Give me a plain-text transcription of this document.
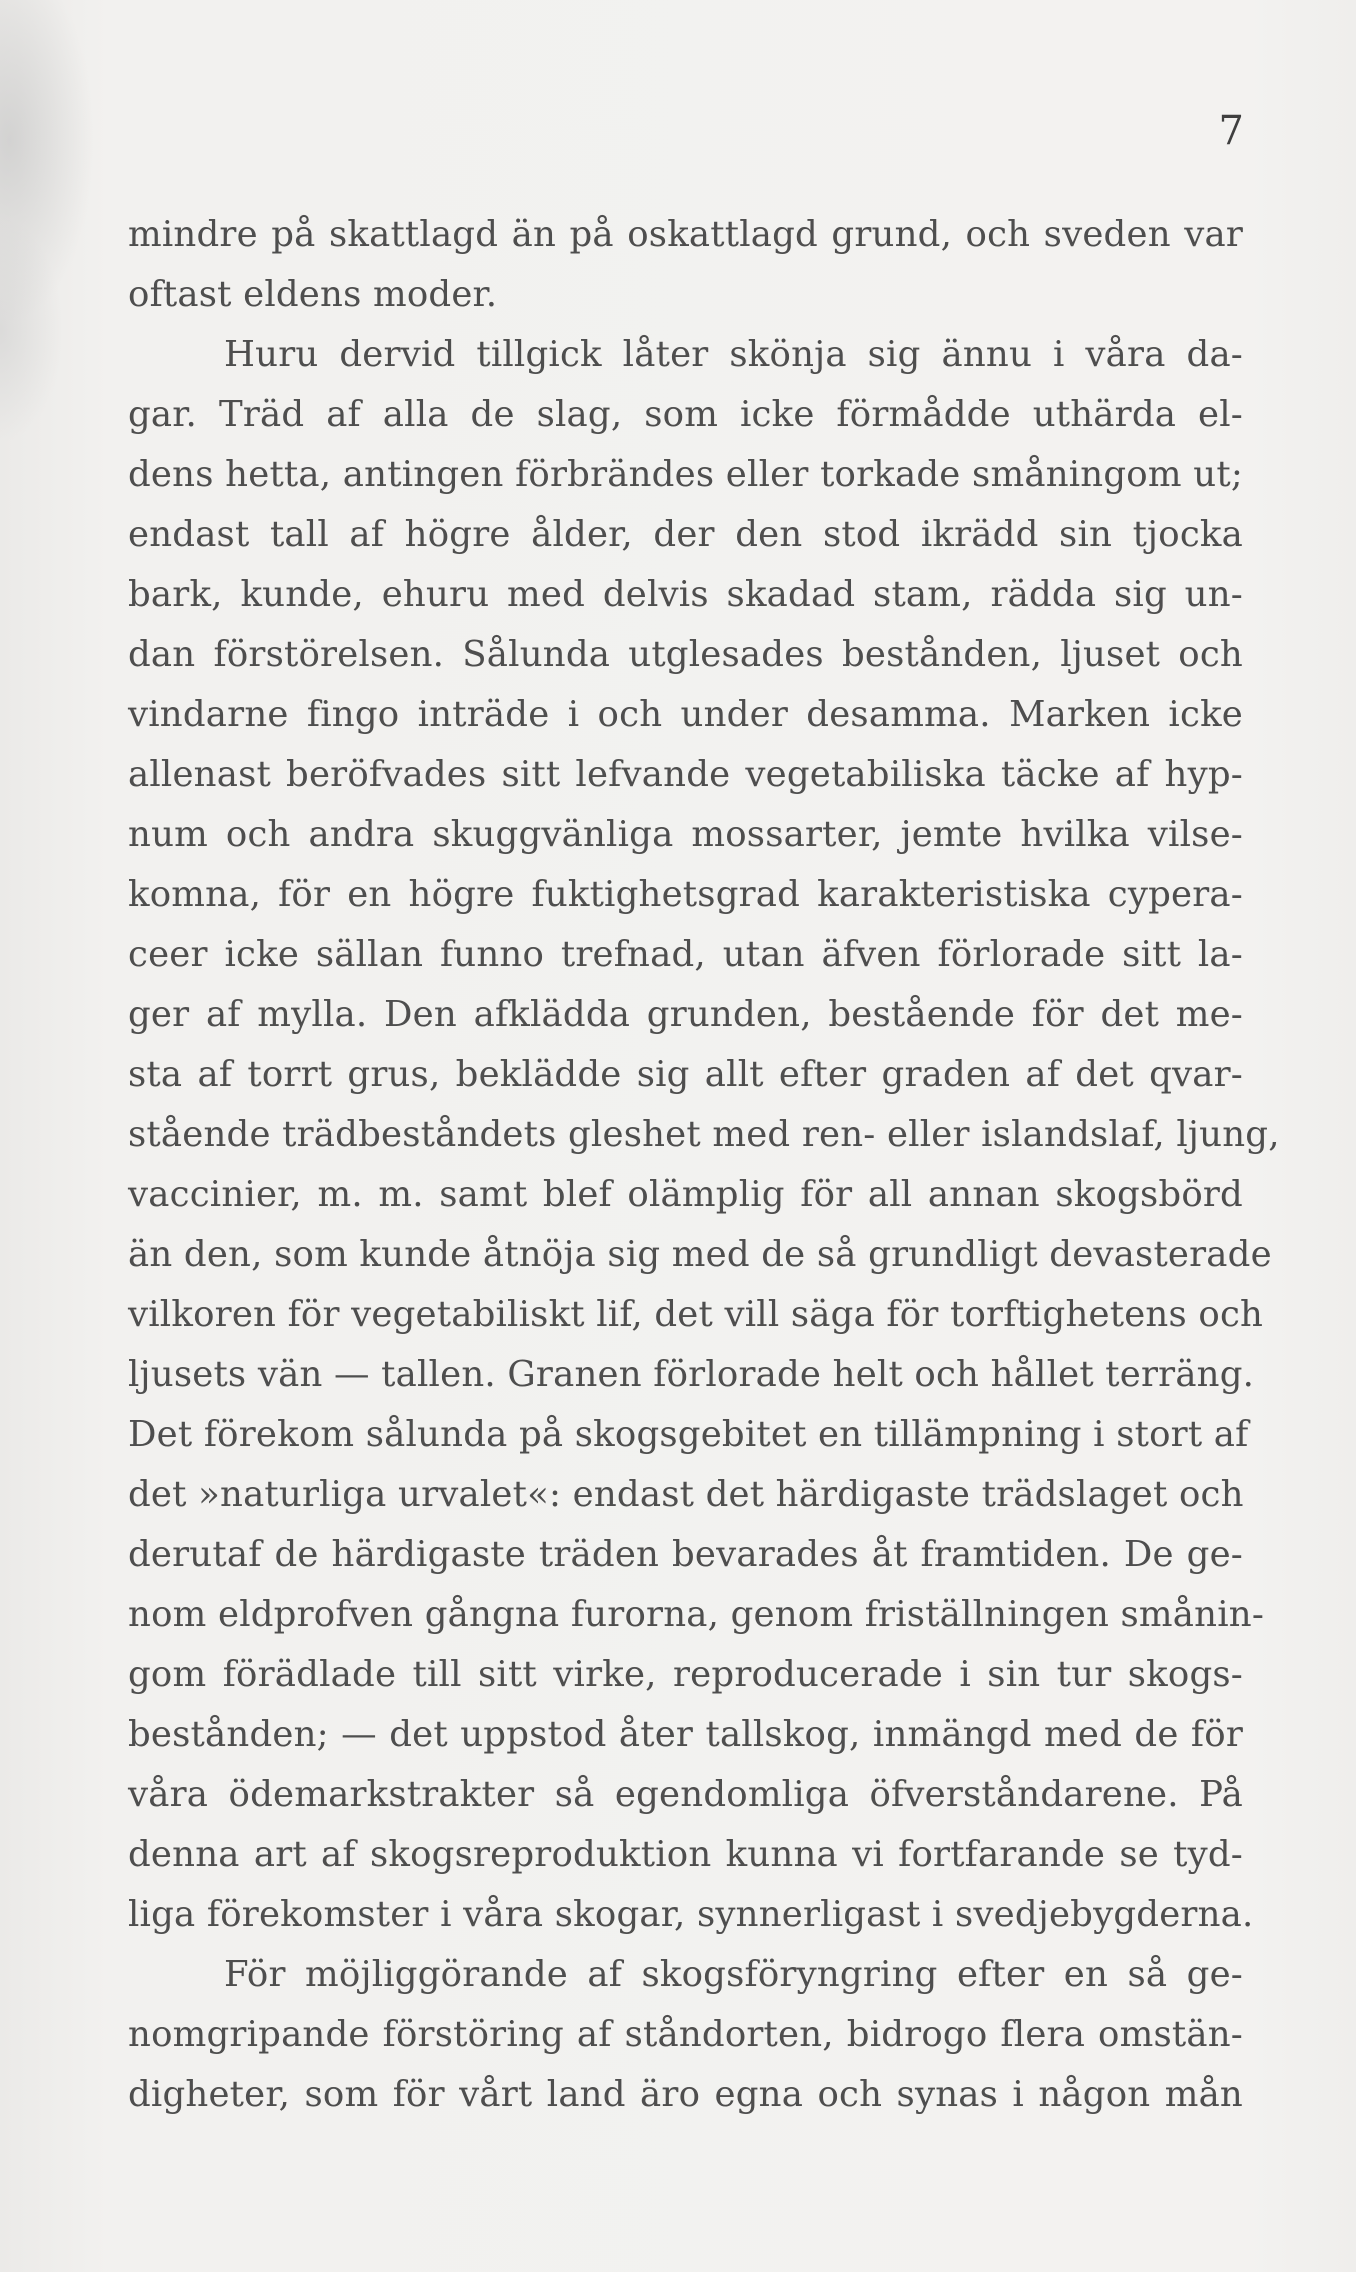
7
mindre på skattlagd än på oskattlagd grund, och sveden var
oftast eldens moder.
Huru dervid tillgick låter skönja sig ännu i våra da-
gar. Träd af alla de slag, som icke förmådde uthärda el-
dens hetta, antingen förbrändes eller torkade småningom ut;
endast tall af högre ålder, der den stod ikrädd sin tjocka
bark, kunde, ehuru med delvis skadad stam, rädda sig un-
dan förstörelsen. Sålunda utglesades bestånden, ljuset och
vindarne fingo inträde i och under desamma. Marken icke
allenast beröfvades sitt lefvande vegetabiliska täcke af hyp-
num och andra skuggvänliga mossarter, jemte hvilka vilse-
komna, för en högre fuktighetsgrad karakteristiska cypera-
ceer icke sällan funno trefnad, utan äfven förlorade sitt la-
ger af mylla. Den afklädda grunden, bestående för det me-
sta af torrt grus, beklädde sig allt efter graden af det qvar-
stående trädbeståndets gleshet med ren- eller islandslaf, ljung,
vaccinier, m. m. samt blef olämplig för all annan skogsbörd
än den, som kunde åtnöja sig med de så grundligt devasterade
vilkoren för vegetabiliskt lif, det vill säga för torftighetens och
ljusets vän — tallen. Granen förlorade helt och hållet terräng.
Det förekom sålunda på skogsgebitet en tillämpning i stort af
det »naturliga urvalet«: endast det härdigaste trädslaget och
derutaf de härdigaste träden bevarades åt framtiden. De ge-
nom eldprofven gångna furorna, genom friställningen smånin-
gom förädlade till sitt virke, reproducerade i sin tur skogs-
bestånden; — det uppstod åter tallskog, inmängd med de för
våra ödemarkstrakter så egendomliga öfverståndarene. På
denna art af skogsreproduktion kunna vi fortfarande se tyd-
liga förekomster i våra skogar, synnerligast i svedjebygderna.
För möjliggörande af skogsföryngring efter en så ge-
nomgripande förstöring af ståndorten, bidrogo flera omstän-
digheter, som för vårt land äro egna och synas i någon mån
